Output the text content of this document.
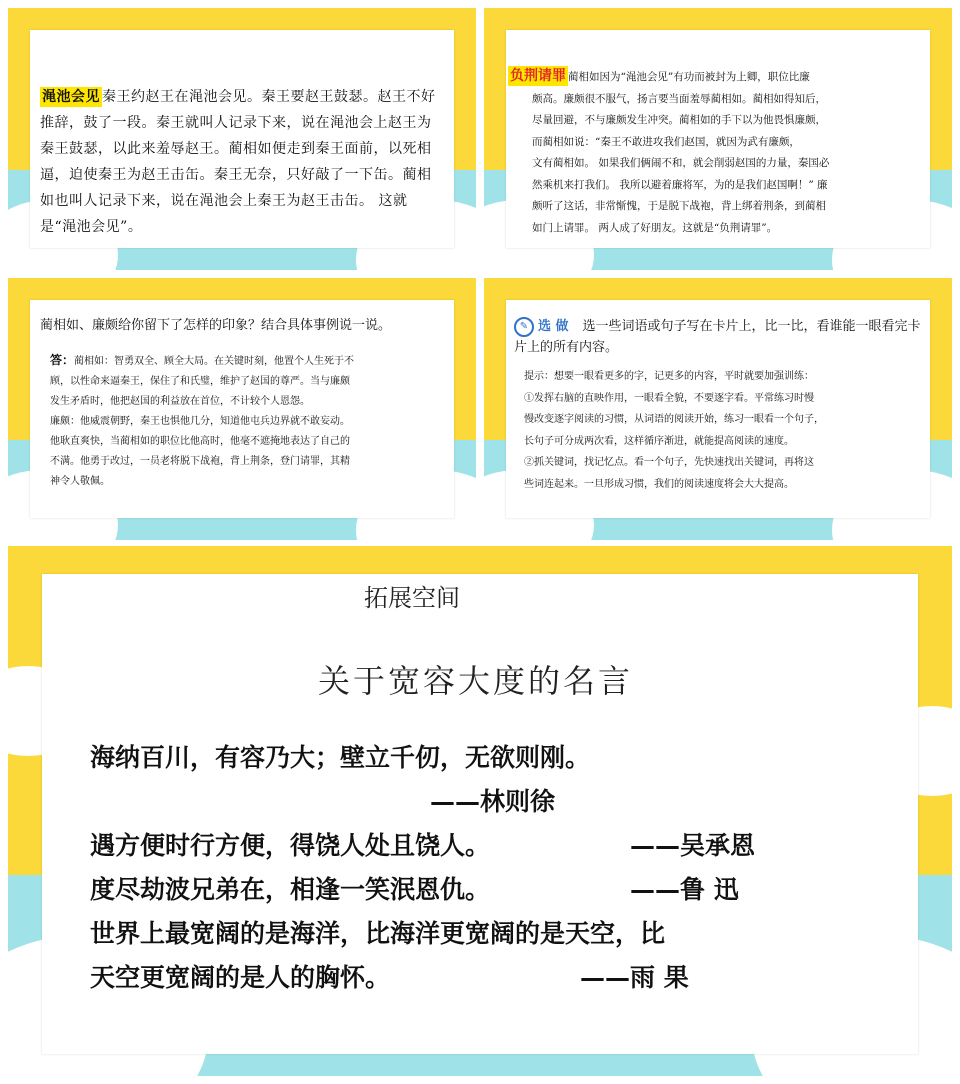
渑池会见 秦王约赵王在渑池会见。秦王要赵王鼓瑟。赵王不好推辞，鼓了一段。秦王就叫人记录下来，说在渑池会上赵王为秦王鼓瑟，以此来羞辱赵王。蔺相如便走到秦王面前，以死相逼，迫使秦王为赵王击缶。秦王无奈，只好敲了一下缶。蔺相如也叫人记录下来，说在渑池会上秦王为赵王击缶。 这就是“渑池会见”。
负荆请罪 蔺相如因为“渑池会见”有功而被封为上卿，职位比廉
颇高。廉颇很不服气，扬言要当面羞辱蔺相如。蔺相如得知后，
尽量回避，不与廉颇发生冲突。蔺相如的手下以为他畏惧廉颇，
而蔺相如说：“秦王不敢进攻我们赵国，就因为武有廉颇，
文有蔺相如。 如果我们俩闹不和，就会削弱赵国的力量，秦国必
然乘机来打我们。 我所以避着廉将军，为的是我们赵国啊！” 廉
颇听了这话，非常惭愧，于是脱下战袍，背上绑着荆条，到蔺相
如门上请罪。 两人成了好朋友。这就是“负荆请罪”。
蔺相如、廉颇给你留下了怎样的印象？结合具体事例说一说。
答：蔺相如：智勇双全、顾全大局。在关键时刻，他置个人生死于不
顾，以性命来逼秦王，保住了和氏璧，维护了赵国的尊严。当与廉颇
发生矛盾时，他把赵国的利益放在首位，不计较个人恩怨。
廉颇：他威震朝野，秦王也惧他几分，知道他屯兵边界就不敢妄动。
他耿直爽快，当蔺相如的职位比他高时，他毫不遮掩地表达了自己的
不满。他勇于改过，一员老将脱下战袍，背上荆条，登门请罪，其精
神令人敬佩。
✎ 选 做 选一些词语或句子写在卡片上，比一比，看谁能一眼看完卡片上的所有内容。
提示：想要一眼看更多的字，记更多的内容，平时就要加强训练：
①发挥右脑的直映作用，一眼看全貌，不要逐字看。平常练习时慢
慢改变逐字阅读的习惯，从词语的阅读开始，练习一眼看一个句子，
长句子可分成两次看，这样循序渐进，就能提高阅读的速度。
②抓关键词，找记忆点。看一个句子，先快速找出关键词，再将这
些词连起来。一旦形成习惯，我们的阅读速度将会大大提高。
拓展空间
关于宽容大度的名言
海纳百川，有容乃大；壁立千仞，无欲则刚。
——林则徐
遇方便时行方便，得饶人处且饶人。	——吴承恩
度尽劫波兄弟在，相逢一笑泯恩仇。	——鲁 迅
世界上最宽阔的是海洋，比海洋更宽阔的是天空，比
天空更宽阔的是人的胸怀。	——雨 果
